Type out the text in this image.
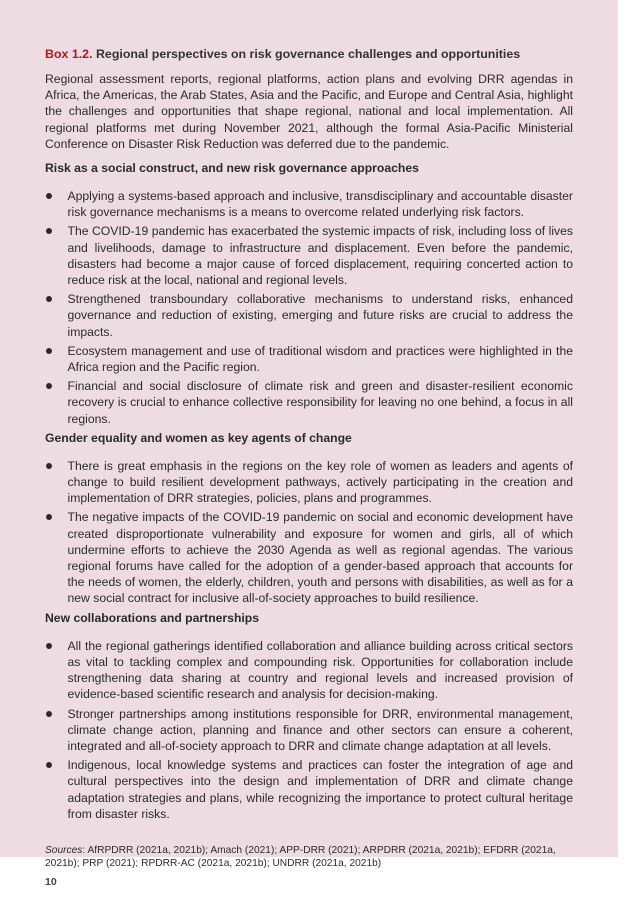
Box 1.2. Regional perspectives on risk governance challenges and opportunities

Regional assessment reports, regional platforms, action plans and evolving DRR agendas in Africa, the Americas, the Arab States, Asia and the Pacific, and Europe and Central Asia, highlight the challenges and opportunities that shape regional, national and local implementation. All regional platforms met during November 2021, although the formal Asia-Pacific Ministerial Conference on Disaster Risk Reduction was deferred due to the pandemic.

Risk as a social construct, and new risk governance approaches

Applying a systems-based approach and inclusive, transdisciplinary and accountable disaster risk governance mechanisms is a means to overcome related underlying risk factors.
The COVID-19 pandemic has exacerbated the systemic impacts of risk, including loss of lives and livelihoods, damage to infrastructure and displacement. Even before the pandemic, disasters had become a major cause of forced displacement, requiring concerted action to reduce risk at the local, national and regional levels.
Strengthened transboundary collaborative mechanisms to understand risks, enhanced governance and reduction of existing, emerging and future risks are crucial to address the impacts.
Ecosystem management and use of traditional wisdom and practices were highlighted in the Africa region and the Pacific region.
Financial and social disclosure of climate risk and green and disaster-resilient economic recovery is crucial to enhance collective responsibility for leaving no one behind, a focus in all regions.

Gender equality and women as key agents of change

There is great emphasis in the regions on the key role of women as leaders and agents of change to build resilient development pathways, actively participating in the creation and implementation of DRR strategies, policies, plans and programmes.
The negative impacts of the COVID-19 pandemic on social and economic development have created disproportionate vulnerability and exposure for women and girls, all of which undermine efforts to achieve the 2030 Agenda as well as regional agendas. The various regional forums have called for the adoption of a gender-based approach that accounts for the needs of women, the elderly, children, youth and persons with disabilities, as well as for a new social contract for inclusive all-of-society approaches to build resilience.

New collaborations and partnerships

All the regional gatherings identified collaboration and alliance building across critical sectors as vital to tackling complex and compounding risk. Opportunities for collaboration include strengthening data sharing at country and regional levels and increased provision of evidence-based scientific research and analysis for decision-making.
Stronger partnerships among institutions responsible for DRR, environmental management, climate change action, planning and finance and other sectors can ensure a coherent, integrated and all-of-society approach to DRR and climate change adaptation at all levels.
Indigenous, local knowledge systems and practices can foster the integration of age and cultural perspectives into the design and implementation of DRR and climate change adaptation strategies and plans, while recognizing the importance to protect cultural heritage from disaster risks.

Sources: AfRPDRR (2021a, 2021b); Amach (2021); APP-DRR (2021); ARPDRR (2021a, 2021b); EFDRR (2021a, 2021b); PRP (2021); RPDRR-AC (2021a, 2021b); UNDRR (2021a, 2021b)

10
